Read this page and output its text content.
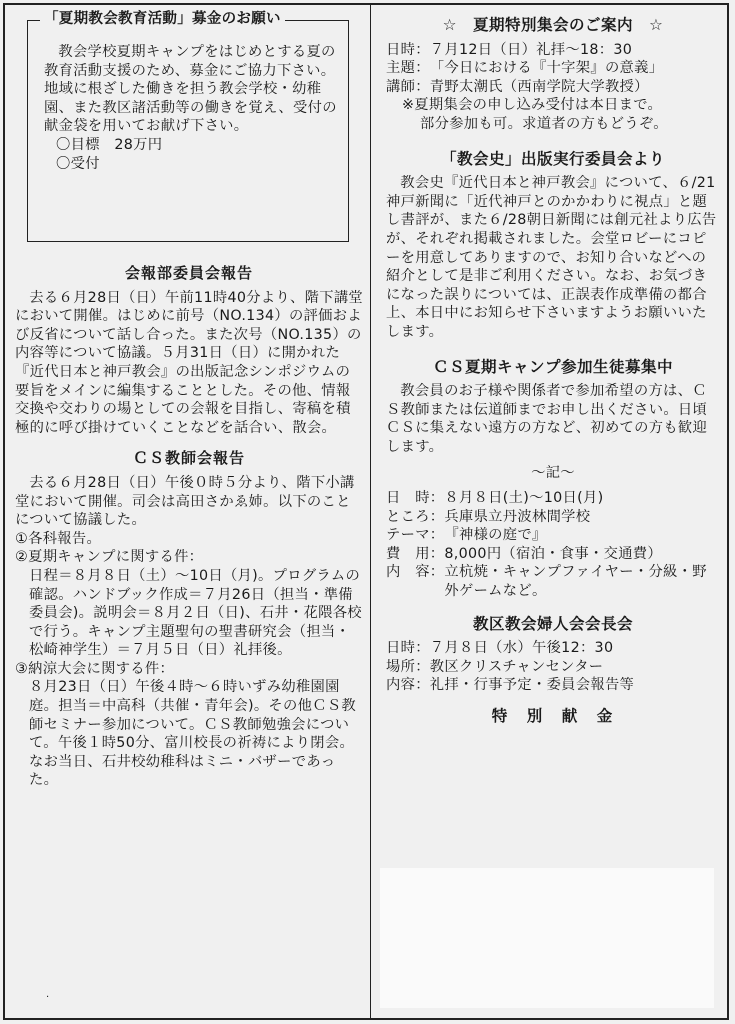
「夏期教会教育活動」募金のお願い

教会学校夏期キャンプをはじめとする夏の教育活動支援のため、募金にご協力下さい。地域に根ざした働きを担う教会学校・幼稚園、また教区諸活動等の働きを覚え、受付の献金袋を用いてお献げ下さい。

〇目標　28万円

〇受付

会報部委員会報告

去る６月28日（日）午前11時40分より、階下講堂において開催。はじめに前号（NO.134）の評価および反省について話し合った。また次号（NO.135）の内容等について協議。５月31日（日）に開かれた『近代日本と神戸教会』の出版記念シンポジウムの要旨をメインに編集することとした。その他、情報交換や交わりの場としての会報を目指し、寄稿を積極的に呼び掛けていくことなどを話合い、散会。

ＣＳ教師会報告

去る６月28日（日）午後０時５分より、階下小講堂において開催。司会は高田さかゑ姉。以下のことについて協議した。

①各科報告。

②夏期キャンプに関する件：

日程＝８月８日（土）～10日（月)。プログラムの確認。ハンドブック作成＝７月26日（担当・準備委員会)。説明会＝８月２日（日)、石井・花隈各校で行う。キャンプ主題聖句の聖書研究会（担当・松崎神学生）＝７月５日（日）礼拝後。

③納涼大会に関する件：

８月23日（日）午後４時～６時いずみ幼稚園園庭。担当＝中高科（共催・青年会)。その他ＣＳ教師セミナー参加について。ＣＳ教師勉強会について。午後１時50分、富川校長の祈祷により閉会。なお当日、石井校幼稚科はミニ・バザーであった。

☆　夏期特別集会のご案内　☆
日時： ７月12日（日）礼拝～18：30
主題： 「今日における『十字架』の意義」
講師： 青野太潮氏（西南学院大学教授）

※夏期集会の申し込み受付は本日まで。

部分参加も可。求道者の方もどうぞ。

「教会史」出版実行委員会より

教会史『近代日本と神戸教会』について、６/21神戸新聞に「近代神戸とのかかわりに視点」と題し書評が、また６/28朝日新聞には創元社より広告が、それぞれ掲載されました。会堂ロビーにコピーを用意してありますので、お知り合いなどへの紹介として是非ご利用ください。なお、お気づきになった誤りについては、正誤表作成準備の都合上、本日中にお知らせ下さいますようお願いいたします。

ＣＳ夏期キャンプ参加生徒募集中

教会員のお子様や関係者で参加希望の方は、ＣＳ教師または伝道師までお申し出ください。日頃ＣＳに集えない遠方の方など、初めての方も歓迎します。

～記～
日　時： ８月８日(土)～10日(月)
ところ： 兵庫県立丹波林間学校
テーマ： 『神様の庭で』
費　用： 8,000円（宿泊・食事・交通費）
内　容： 立杭焼・キャンプファイヤー・分級・野外ゲームなど。
教区教会婦人会会長会
日時： ７月８日（水）午後12：30
場所： 教区クリスチャンセンター
内容： 礼拝・行事予定・委員会報告等
特　別　献　金
·
